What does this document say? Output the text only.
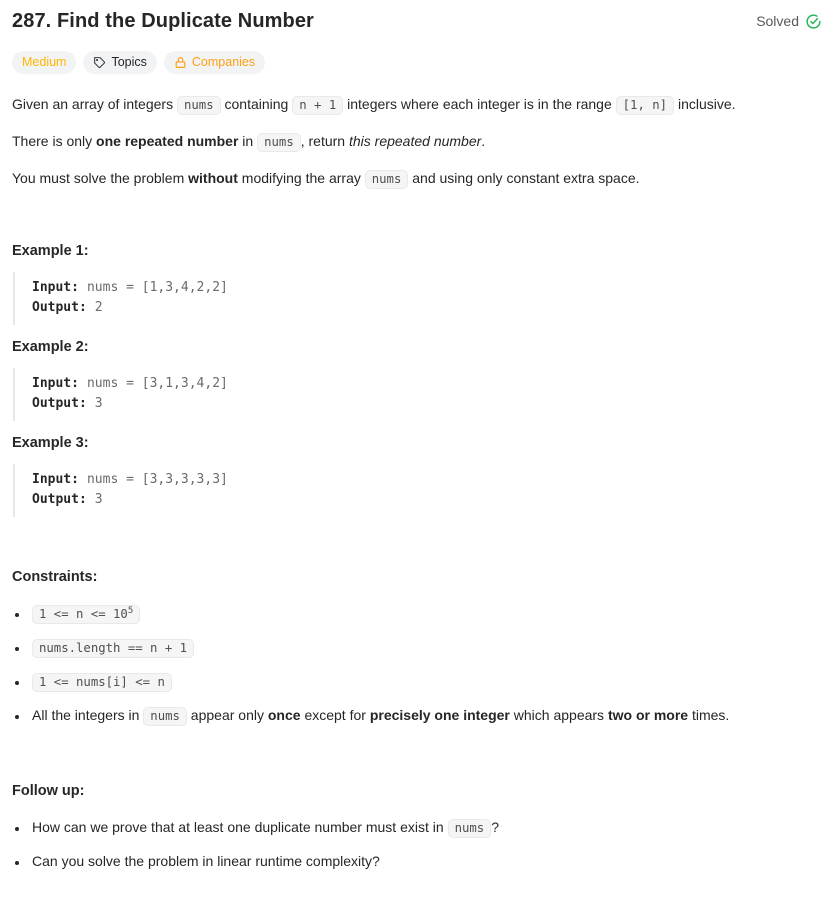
287. Find the Duplicate Number	Solved
Medium	Topics	Companies

Given an array of integers nums containing n + 1 integers where each integer is in the range [1, n] inclusive.

There is only one repeated number in nums , return this repeated number.

You must solve the problem without modifying the array nums and using only constant extra space.

Example 1:

Input: nums = [1,3,4,2,2]
Output: 2

Example 2:

Input: nums = [3,1,3,4,2]
Output: 3

Example 3:

Input: nums = [3,3,3,3,3]
Output: 3

Constraints:

• $1 <= n <= 10^5$
• nums.length == n + 1
• 1 <= nums[i] <= n
• All the integers in nums appear only once except for precisely one integer which appears two or more times.

Follow up:

• How can we prove that at least one duplicate number must exist in nums ?
• Can you solve the problem in linear runtime complexity?
